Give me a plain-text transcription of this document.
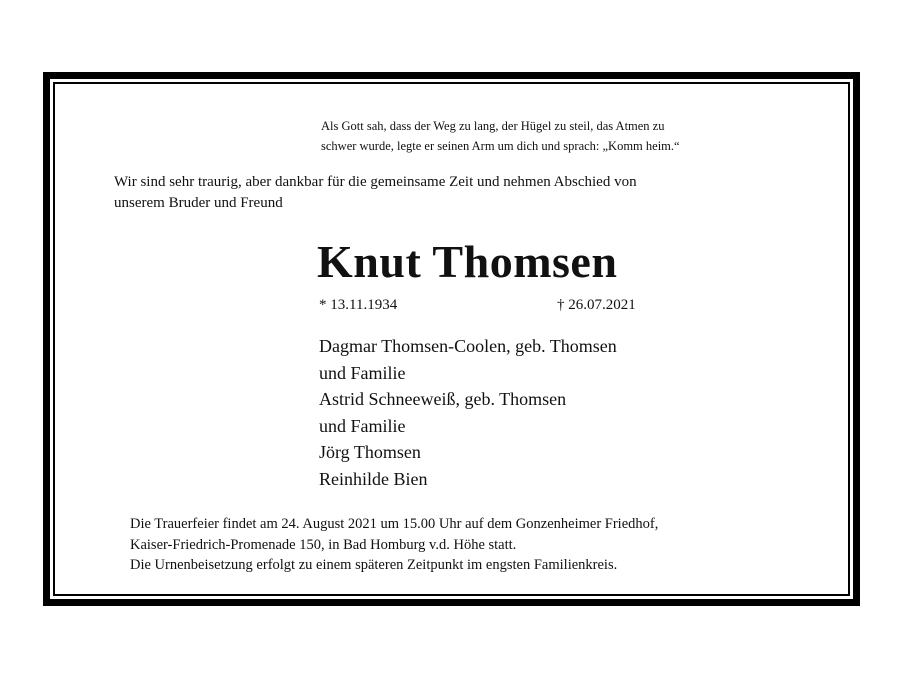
Als Gott sah, dass der Weg zu lang, der Hügel zu steil, das Atmen zu
schwer wurde, legte er seinen Arm um dich und sprach: „Komm heim.“
Wir sind sehr traurig, aber dankbar für die gemeinsame Zeit und nehmen Abschied von
unserem Bruder und Freund
Knut Thomsen
* 13.11.1934	† 26.07.2021
Dagmar Thomsen-Coolen, geb. Thomsen
und Familie
Astrid Schneeweiß, geb. Thomsen
und Familie
Jörg Thomsen
Reinhilde Bien
Die Trauerfeier findet am 24. August 2021 um 15.00 Uhr auf dem Gonzenheimer Friedhof,
Kaiser-Friedrich-Promenade 150, in Bad Homburg v.d. Höhe statt.
Die Urnenbeisetzung erfolgt zu einem späteren Zeitpunkt im engsten Familienkreis.
